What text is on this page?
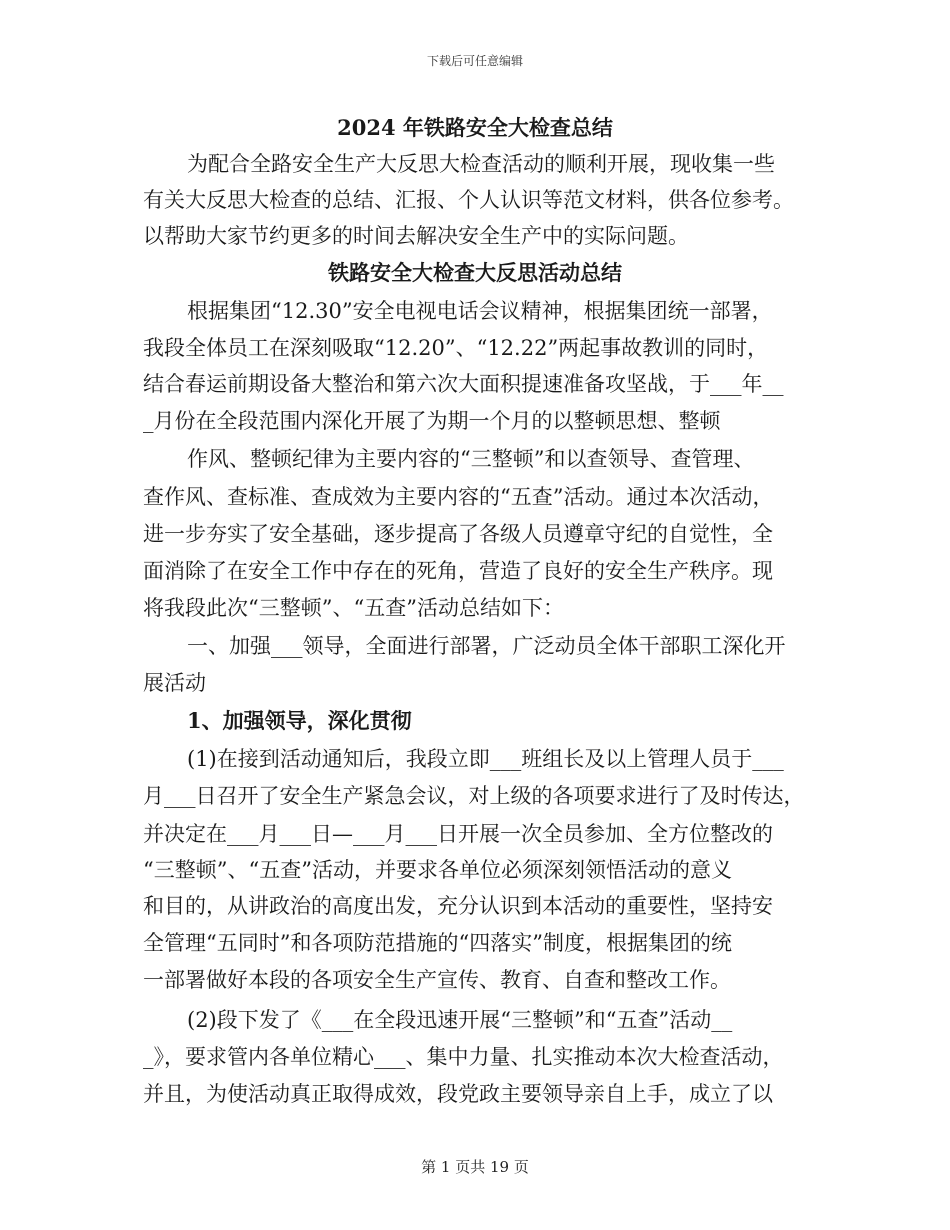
下载后可任意编辑
2024 年铁路安全大检查总结
为配合全路安全生产大反思大检查活动的顺利开展，现收集一些
有关大反思大检查的总结、汇报、个人认识等范文材料，供各位参考。
以帮助大家节约更多的时间去解决安全生产中的实际问题。
铁路安全大检查大反思活动总结
根据集团“12.30”安全电视电话会议精神，根据集团统一部署，
我段全体员工在深刻吸取“12.20”、“12.22”两起事故教训的同时，
结合春运前期设备大整治和第六次大面积提速准备攻坚战，于___年__
_月份在全段范围内深化开展了为期一个月的以整顿思想、整顿
作风、整顿纪律为主要内容的“三整顿”和以查领导、查管理、
查作风、查标准、查成效为主要内容的“五查”活动。通过本次活动，
进一步夯实了安全基础，逐步提高了各级人员遵章守纪的自觉性，全
面消除了在安全工作中存在的死角，营造了良好的安全生产秩序。现
将我段此次“三整顿”、“五查”活动总结如下：
一、加强___领导，全面进行部署，广泛动员全体干部职工深化开
展活动
1、加强领导，深化贯彻
(1)在接到活动通知后，我段立即___班组长及以上管理人员于___
月___日召开了安全生产紧急会议，对上级的各项要求进行了及时传达，
并决定在___月___日—___月___日开展一次全员参加、全方位整改的
“三整顿”、“五查”活动，并要求各单位必须深刻领悟活动的意义
和目的，从讲政治的高度出发，充分认识到本活动的重要性，坚持安
全管理“五同时”和各项防范措施的“四落实”制度，根据集团的统
一部署做好本段的各项安全生产宣传、教育、自查和整改工作。
(2)段下发了《___在全段迅速开展“三整顿”和“五查”活动__
_》，要求管内各单位精心___、集中力量、扎实推动本次大检查活动，
并且，为使活动真正取得成效，段党政主要领导亲自上手，成立了以
第 1 页共 19 页
